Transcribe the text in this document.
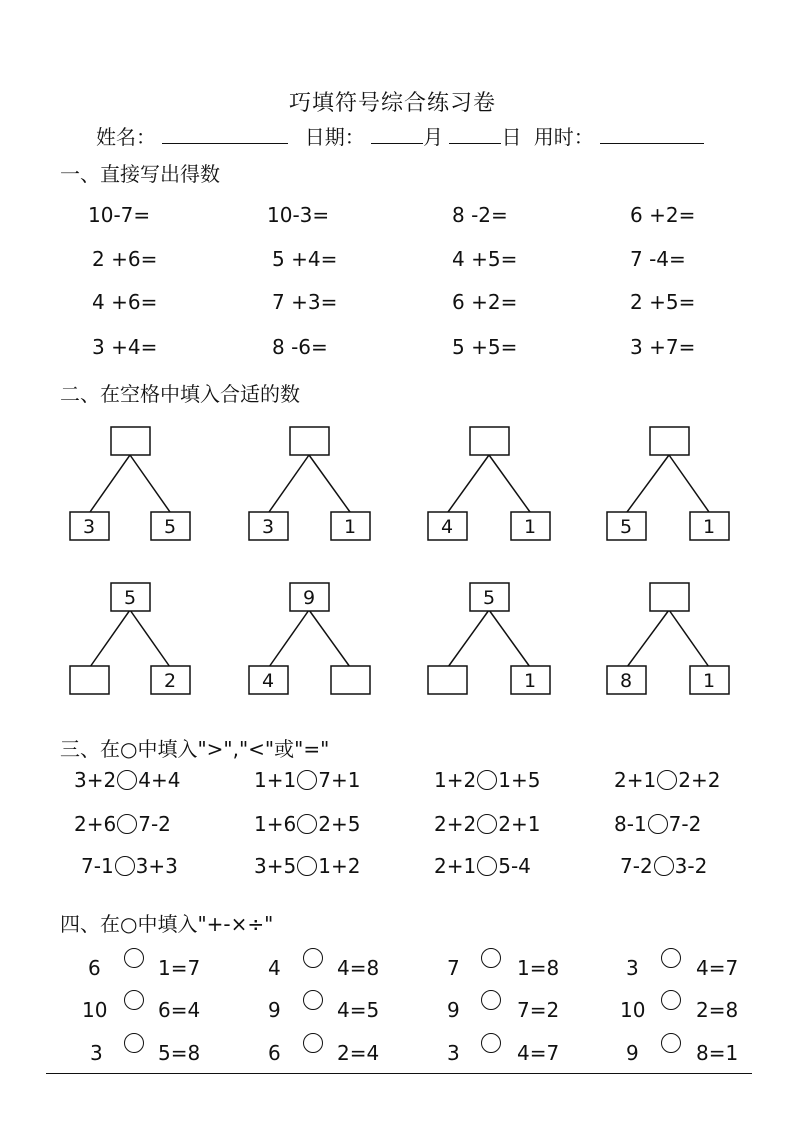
巧填符号综合练习卷
姓名：	日期：	月	日 用时：
一、直接写出得数
二、在空格中填入合适的数
三、在○中填入">","<"或"="
四、在○中填入"+-×÷"
10-7=	10-3=	8 -2=	6 +2=
2 +6=	5 +4=	4 +5=	7 -4=
4 +6=	7 +3=	6 +2=	2 +5=
3 +4=	8 -6=	5 +5=	3 +7=
3	5	3	1	4	1	5	1
5
2
9
4
5
1	8	1
3+2 4+4	1+1 7+1	1+2 1+5	2+1 2+2
2+6 7-2	1+6 2+5	2+2 2+1	8-1 7-2
7-1 3+3	3+5 1+2	2+1 5-4	7-2 3-2
6	1=7	4	4=8	7	1=8	3	4=7
10	6=4	9	4=5	9	7=2	10	2=8
3	5=8	6	2=4	3	4=7	9	8=1
